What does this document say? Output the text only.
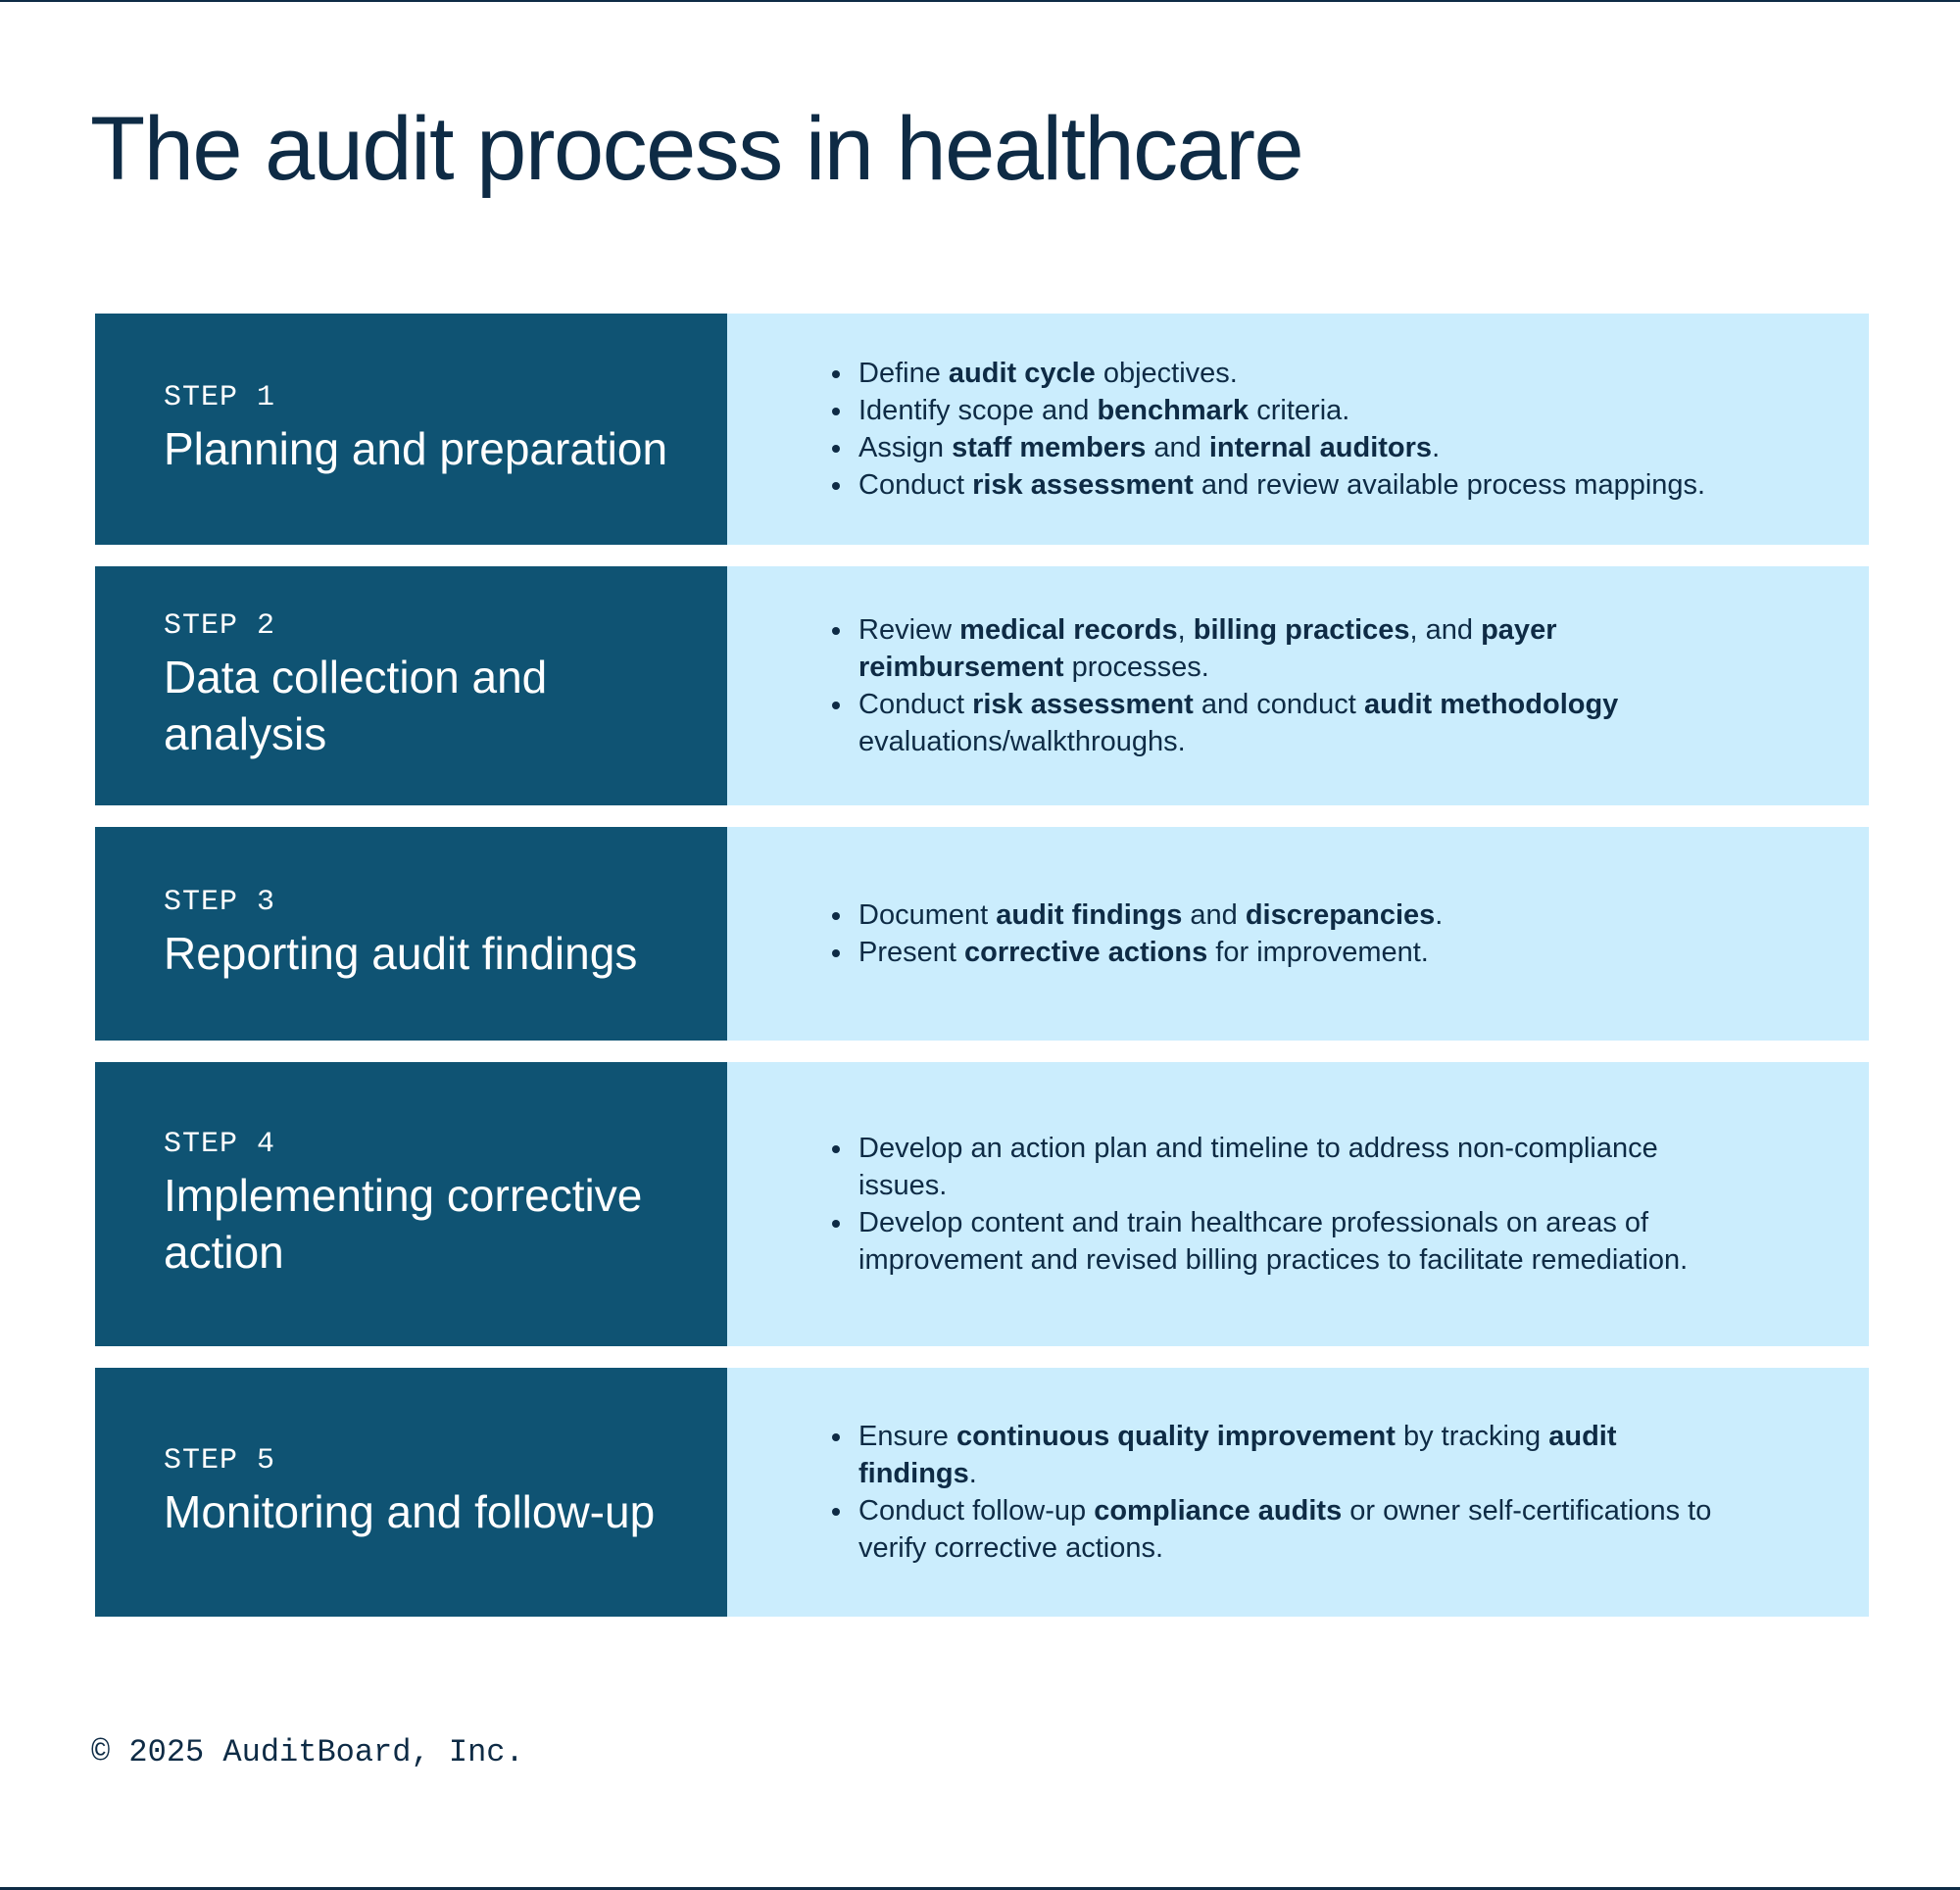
The audit process in healthcare
STEP 1
Planning and preparation
• Define audit cycle objectives.
• Identify scope and benchmark criteria.
• Assign staff members and internal auditors.
• Conduct risk assessment and review available process mappings.
STEP 2
Data collection and analysis
• Review medical records, billing practices, and payer reimbursement processes.
• Conduct risk assessment and conduct audit methodology evaluations/walkthroughs.
STEP 3
Reporting audit findings
• Document audit findings and discrepancies.
• Present corrective actions for improvement.
STEP 4
Implementing corrective action
• Develop an action plan and timeline to address non-compliance issues.
• Develop content and train healthcare professionals on areas of improvement and revised billing practices to facilitate remediation.
STEP 5
Monitoring and follow-up
• Ensure continuous quality improvement by tracking audit findings.
• Conduct follow-up compliance audits or owner self-certifications to verify corrective actions.
© 2025 AuditBoard, Inc.
